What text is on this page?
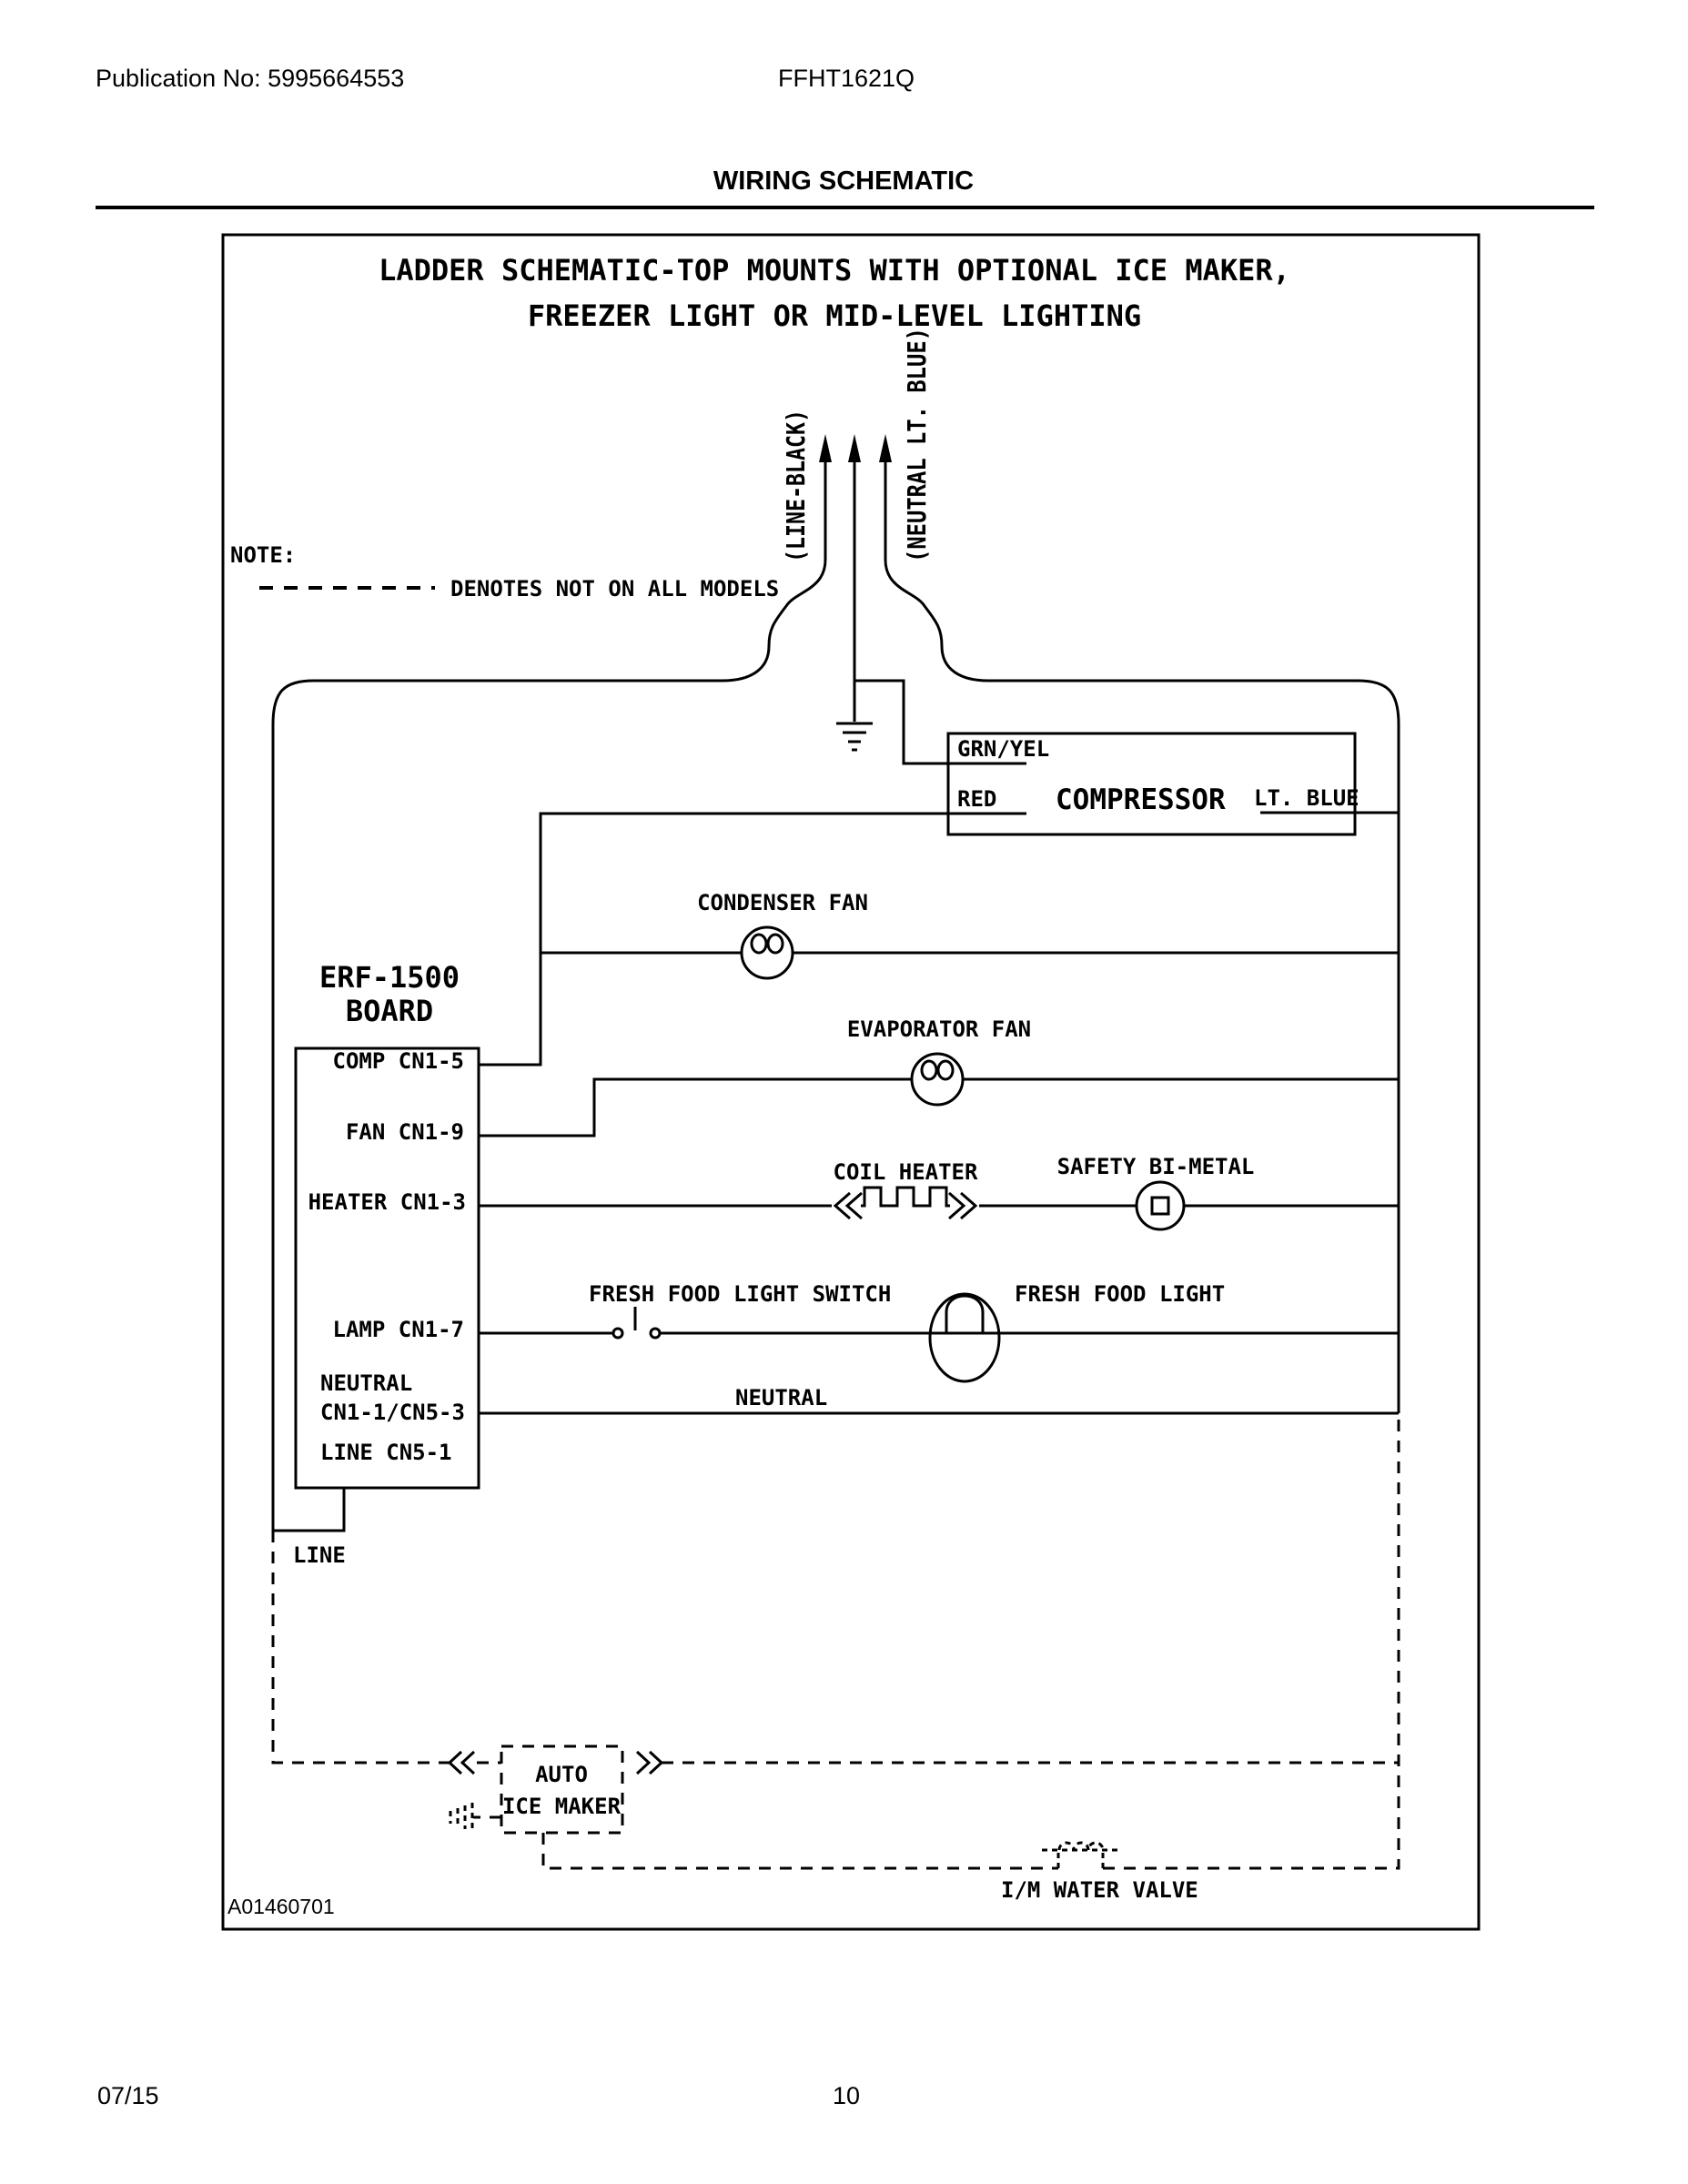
Publication No: 5995664553	FFHT1621Q
WIRING SCHEMATIC
LADDER SCHEMATIC-TOP MOUNTS WITH OPTIONAL ICE MAKER,
FREEZER LIGHT OR MID-LEVEL LIGHTING
NOTE:
DENOTES NOT ON ALL MODELS
(LINE-BLACK)	(NEUTRAL LT. BLUE)
GRN/YEL
RED COMPRESSOR LT. BLUE
CONDENSER FAN
EVAPORATOR FAN
COIL HEATER	SAFETY BI-METAL
FRESH FOOD LIGHT SWITCH	FRESH FOOD LIGHT
NEUTRAL
ERF-1500
BOARD
COMP CN1-5
FAN CN1-9
HEATER CN1-3
LAMP CN1-7
NEUTRAL
CN1-1/CN5-3
LINE CN5-1
LINE
AUTO
ICE MAKER
I/M WATER VALVE
A01460701
07/15	10
